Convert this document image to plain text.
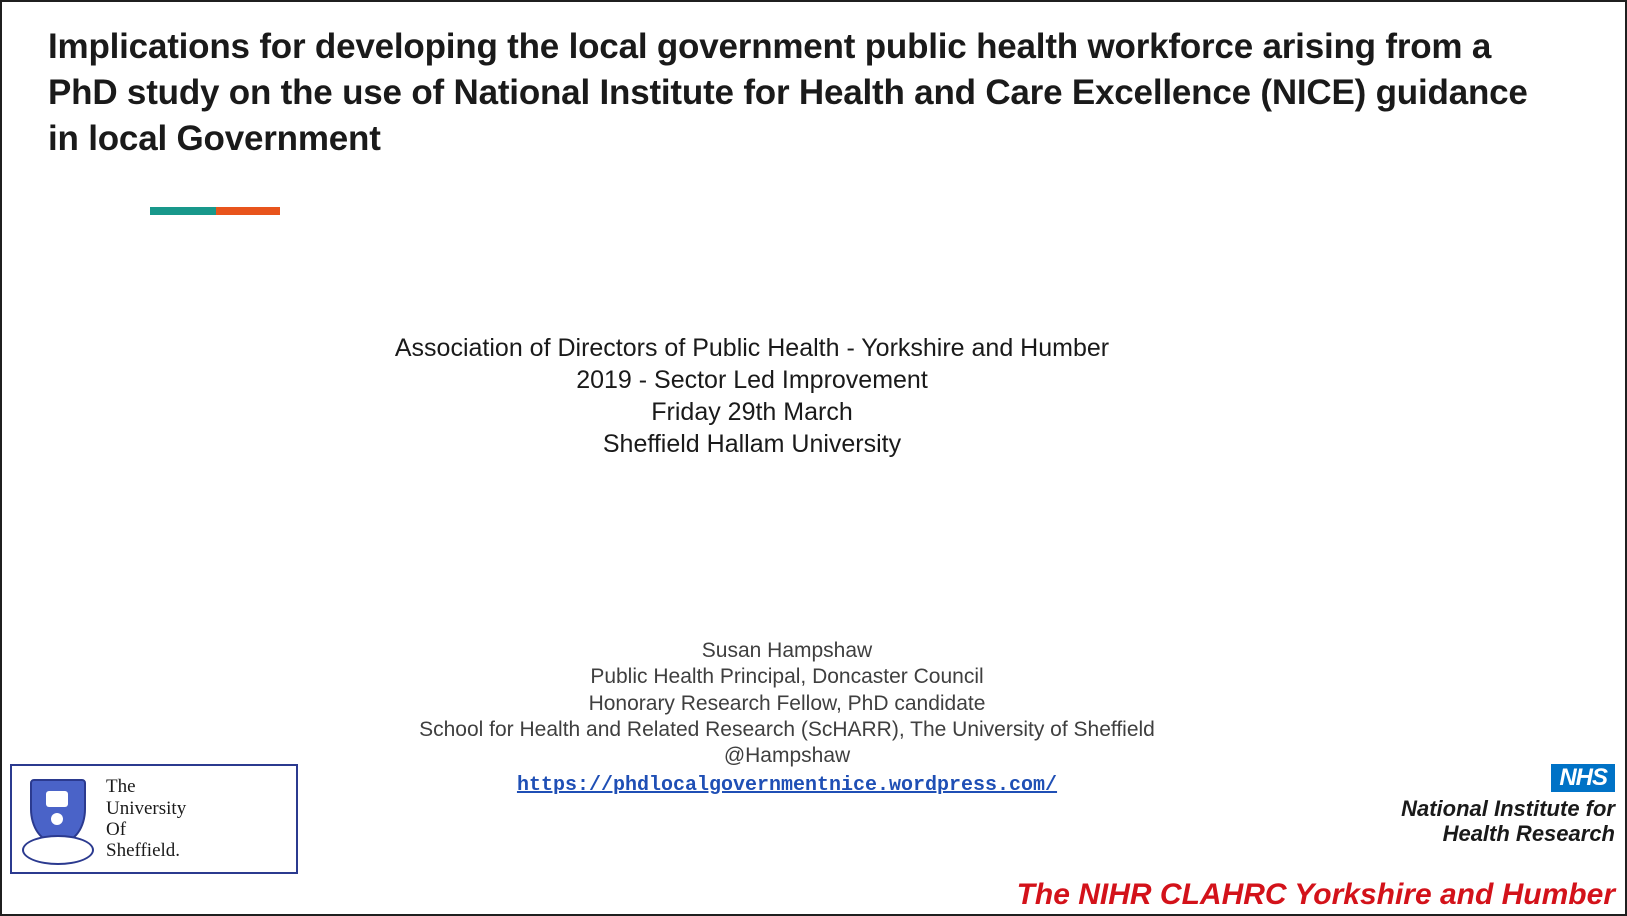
Implications for developing the local government public health workforce arising from a PhD study on the use of National Institute for Health and Care Excellence (NICE) guidance in local Government
Association of Directors of Public Health - Yorkshire and Humber
2019 - Sector Led Improvement
Friday 29th March
Sheffield Hallam University
Susan Hampshaw
Public Health Principal, Doncaster Council
Honorary Research Fellow, PhD candidate
School for Health and Related Research (ScHARR), The University of Sheffield
@Hampshaw
https://phdlocalgovernmentnice.wordpress.com/
The
University
Of
Sheffield.
NHS
National Institute for
Health Research
The NIHR CLAHRC Yorkshire and Humber
